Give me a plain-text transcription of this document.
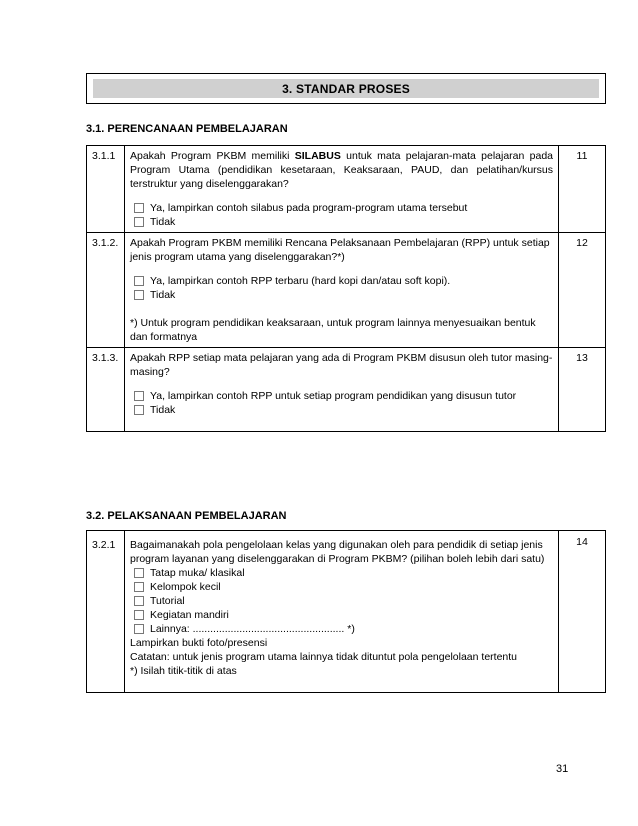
3. STANDAR PROSES
3.1. PERENCANAAN PEMBELAJARAN
3.1.1	Apakah Program PKBM memiliki SILABUS untuk mata pelajaran-mata pelajaran pada Program Utama (pendidikan kesetaraan, Keaksaraan, PAUD, dan pelatihan/kursus terstruktur yang diselenggarakan?
Ya, lampirkan contoh silabus pada program-program utama tersebut
Tidak	11
3.1.2.	Apakah Program PKBM memiliki Rencana Pelaksanaan Pembelajaran (RPP) untuk setiap jenis program utama yang diselenggarakan?*)
Ya, lampirkan contoh RPP terbaru (hard kopi dan/atau soft kopi).
Tidak
*) Untuk program pendidikan keaksaraan, untuk program lainnya menyesuaikan bentuk dan formatnya	12
3.1.3.	Apakah RPP setiap mata pelajaran yang ada di Program PKBM disusun oleh tutor masing-masing?
Ya, lampirkan contoh RPP untuk setiap program pendidikan yang disusun tutor
Tidak	13
3.2. PELAKSANAAN PEMBELAJARAN
3.2.1	Bagaimanakah pola pengelolaan kelas yang digunakan oleh para pendidik di setiap jenis program layanan yang diselenggarakan di Program PKBM? (pilihan boleh lebih dari satu)
Tatap muka/ klasikal
Kelompok kecil
Tutorial
Kegiatan mandiri
Lainnya: .................................................... *)
Lampirkan bukti foto/presensi
Catatan: untuk jenis program utama lainnya tidak dituntut pola pengelolaan tertentu
*) Isilah titik-titik di atas
	14
31
